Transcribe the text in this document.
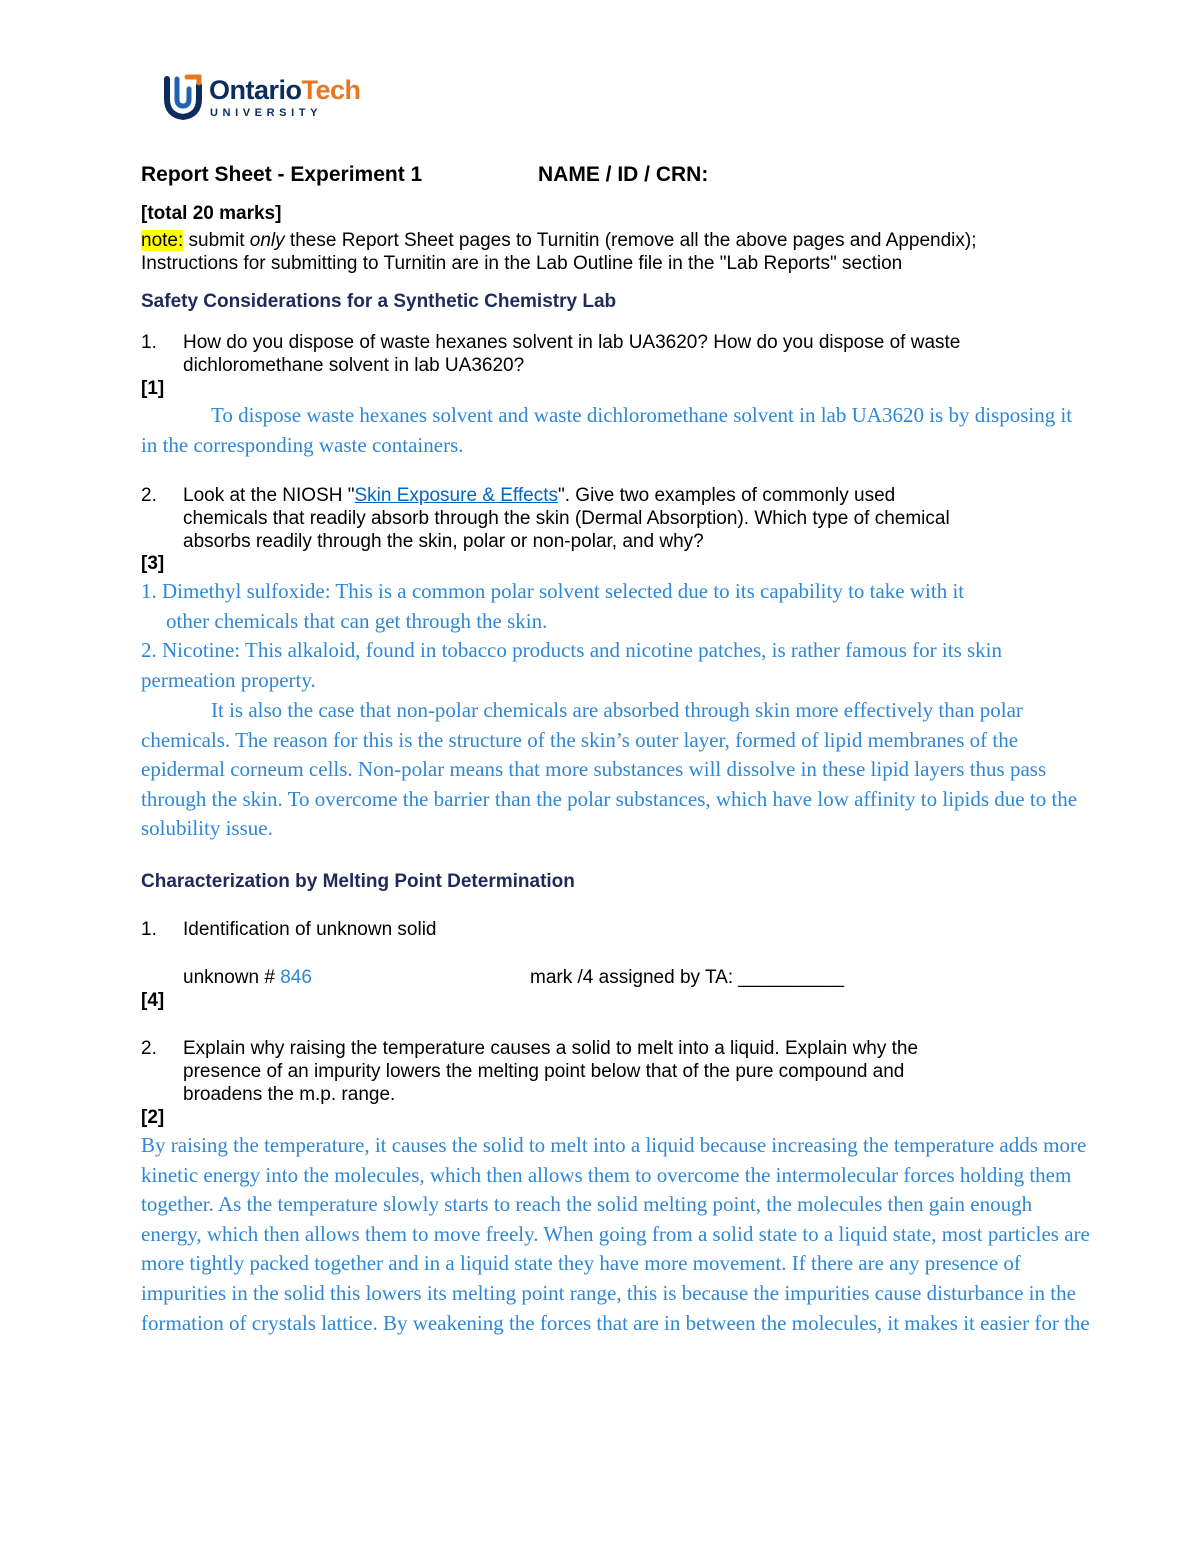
OntarioTech
UNIVERSITY
Report Sheet - Experiment 1	NAME / ID / CRN:
[total 20 marks]
note: submit only these Report Sheet pages to Turnitin (remove all the above pages and Appendix);
Instructions for submitting to Turnitin are in the Lab Outline file in the "Lab Reports" section
Safety Considerations for a Synthetic Chemistry Lab
1. How do you dispose of waste hexanes solvent in lab UA3620? How do you dispose of waste
dichloromethane solvent in lab UA3620?
[1]
To dispose waste hexanes solvent and waste dichloromethane solvent in lab UA3620 is by disposing it in the corresponding waste containers.
2. Look at the NIOSH "Skin Exposure & Effects". Give two examples of commonly used
chemicals that readily absorb through the skin (Dermal Absorption). Which type of chemical
absorbs readily through the skin, polar or non-polar, and why?
[3]
1. Dimethyl sulfoxide: This is a common polar solvent selected due to its capability to take with it
other chemicals that can get through the skin.
2. Nicotine: This alkaloid, found in tobacco products and nicotine patches, is rather famous for its skin permeation property.
It is also the case that non-polar chemicals are absorbed through skin more effectively than polar chemicals. The reason for this is the structure of the skin’s outer layer, formed of lipid membranes of the epidermal corneum cells. Non-polar means that more substances will dissolve in these lipid layers thus pass through the skin. To overcome the barrier than the polar substances, which have low affinity to lipids due to the solubility issue.
Characterization by Melting Point Determination
1. Identification of unknown solid
unknown # 846	mark /4 assigned by TA: __________
[4]
2. Explain why raising the temperature causes a solid to melt into a liquid. Explain why the
presence of an impurity lowers the melting point below that of the pure compound and
broadens the m.p. range.
[2]
By raising the temperature, it causes the solid to melt into a liquid because increasing the temperature adds more kinetic energy into the molecules, which then allows them to overcome the intermolecular forces holding them together. As the temperature slowly starts to reach the solid melting point, the molecules then gain enough energy, which then allows them to move freely. When going from a solid state to a liquid state, most particles are more tightly packed together and in a liquid state they have more movement. If there are any presence of impurities in the solid this lowers its melting point range, this is because the impurities cause disturbance in the formation of crystals lattice. By weakening the forces that are in between the molecules, it makes it easier for the
